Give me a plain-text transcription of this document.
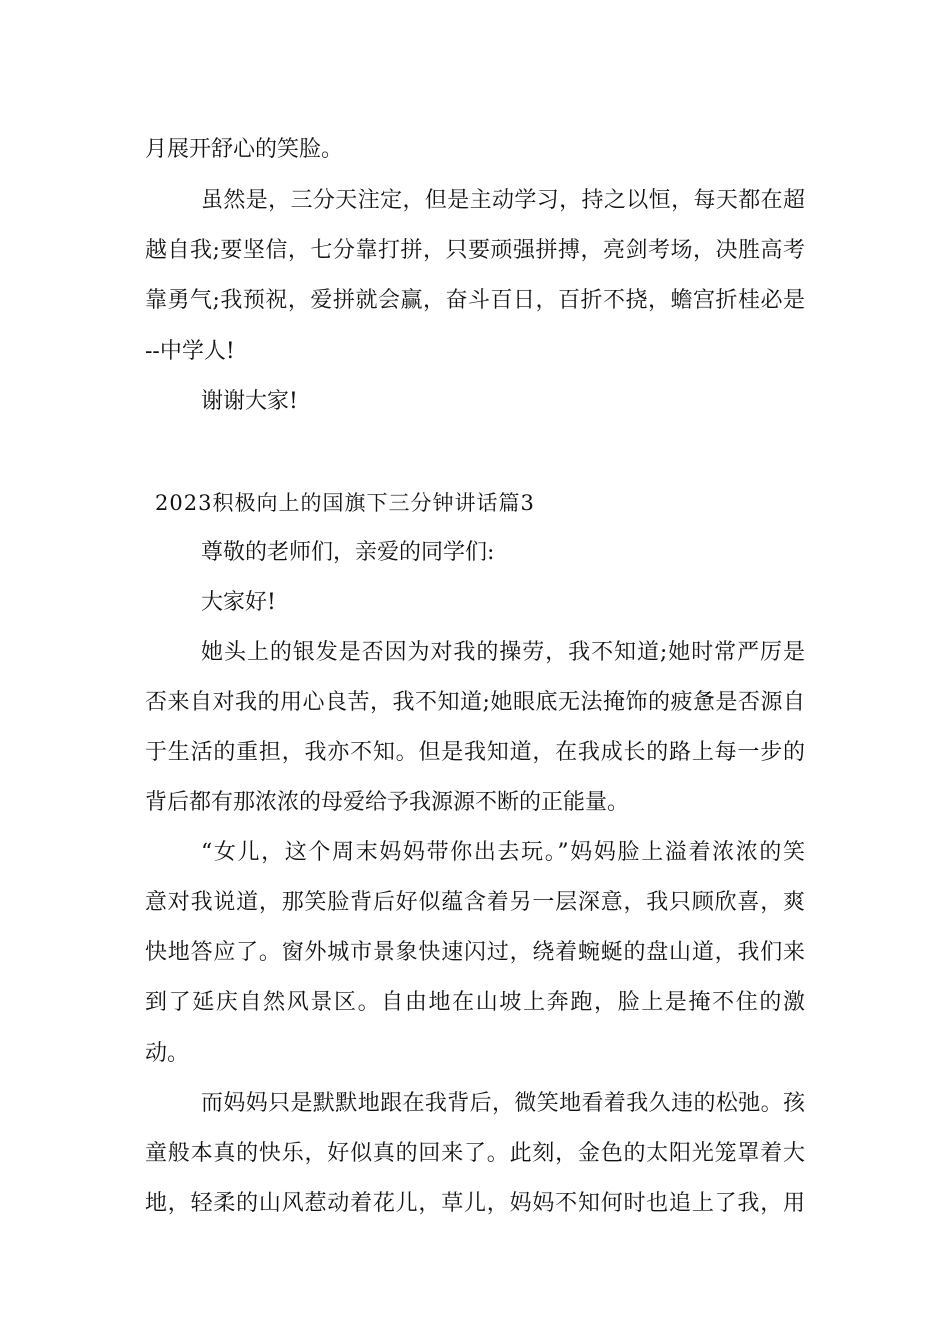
月展开舒心的笑脸。
虽然是，三分天注定，但是主动学习，持之以恒，每天都在超
越自我;要坚信，七分靠打拼，只要顽强拼搏，亮剑考场，决胜高考
靠勇气;我预祝，爱拼就会赢，奋斗百日，百折不挠，蟾宫折桂必是
--中学人!
谢谢大家!
2023积极向上的国旗下三分钟讲话篇3
尊敬的老师们，亲爱的同学们:
大家好!
她头上的银发是否因为对我的操劳，我不知道;她时常严厉是
否来自对我的用心良苦，我不知道;她眼底无法掩饰的疲惫是否源自
于生活的重担，我亦不知。但是我知道，在我成长的路上每一步的
背后都有那浓浓的母爱给予我源源不断的正能量。
“女儿，这个周末妈妈带你出去玩。”妈妈脸上溢着浓浓的笑
意对我说道，那笑脸背后好似蕴含着另一层深意，我只顾欣喜，爽
快地答应了。窗外城市景象快速闪过，绕着蜿蜒的盘山道，我们来
到了延庆自然风景区。自由地在山坡上奔跑，脸上是掩不住的激
动。
而妈妈只是默默地跟在我背后，微笑地看着我久违的松弛。孩
童般本真的快乐，好似真的回来了。此刻，金色的太阳光笼罩着大
地，轻柔的山风惹动着花儿，草儿，妈妈不知何时也追上了我，用
